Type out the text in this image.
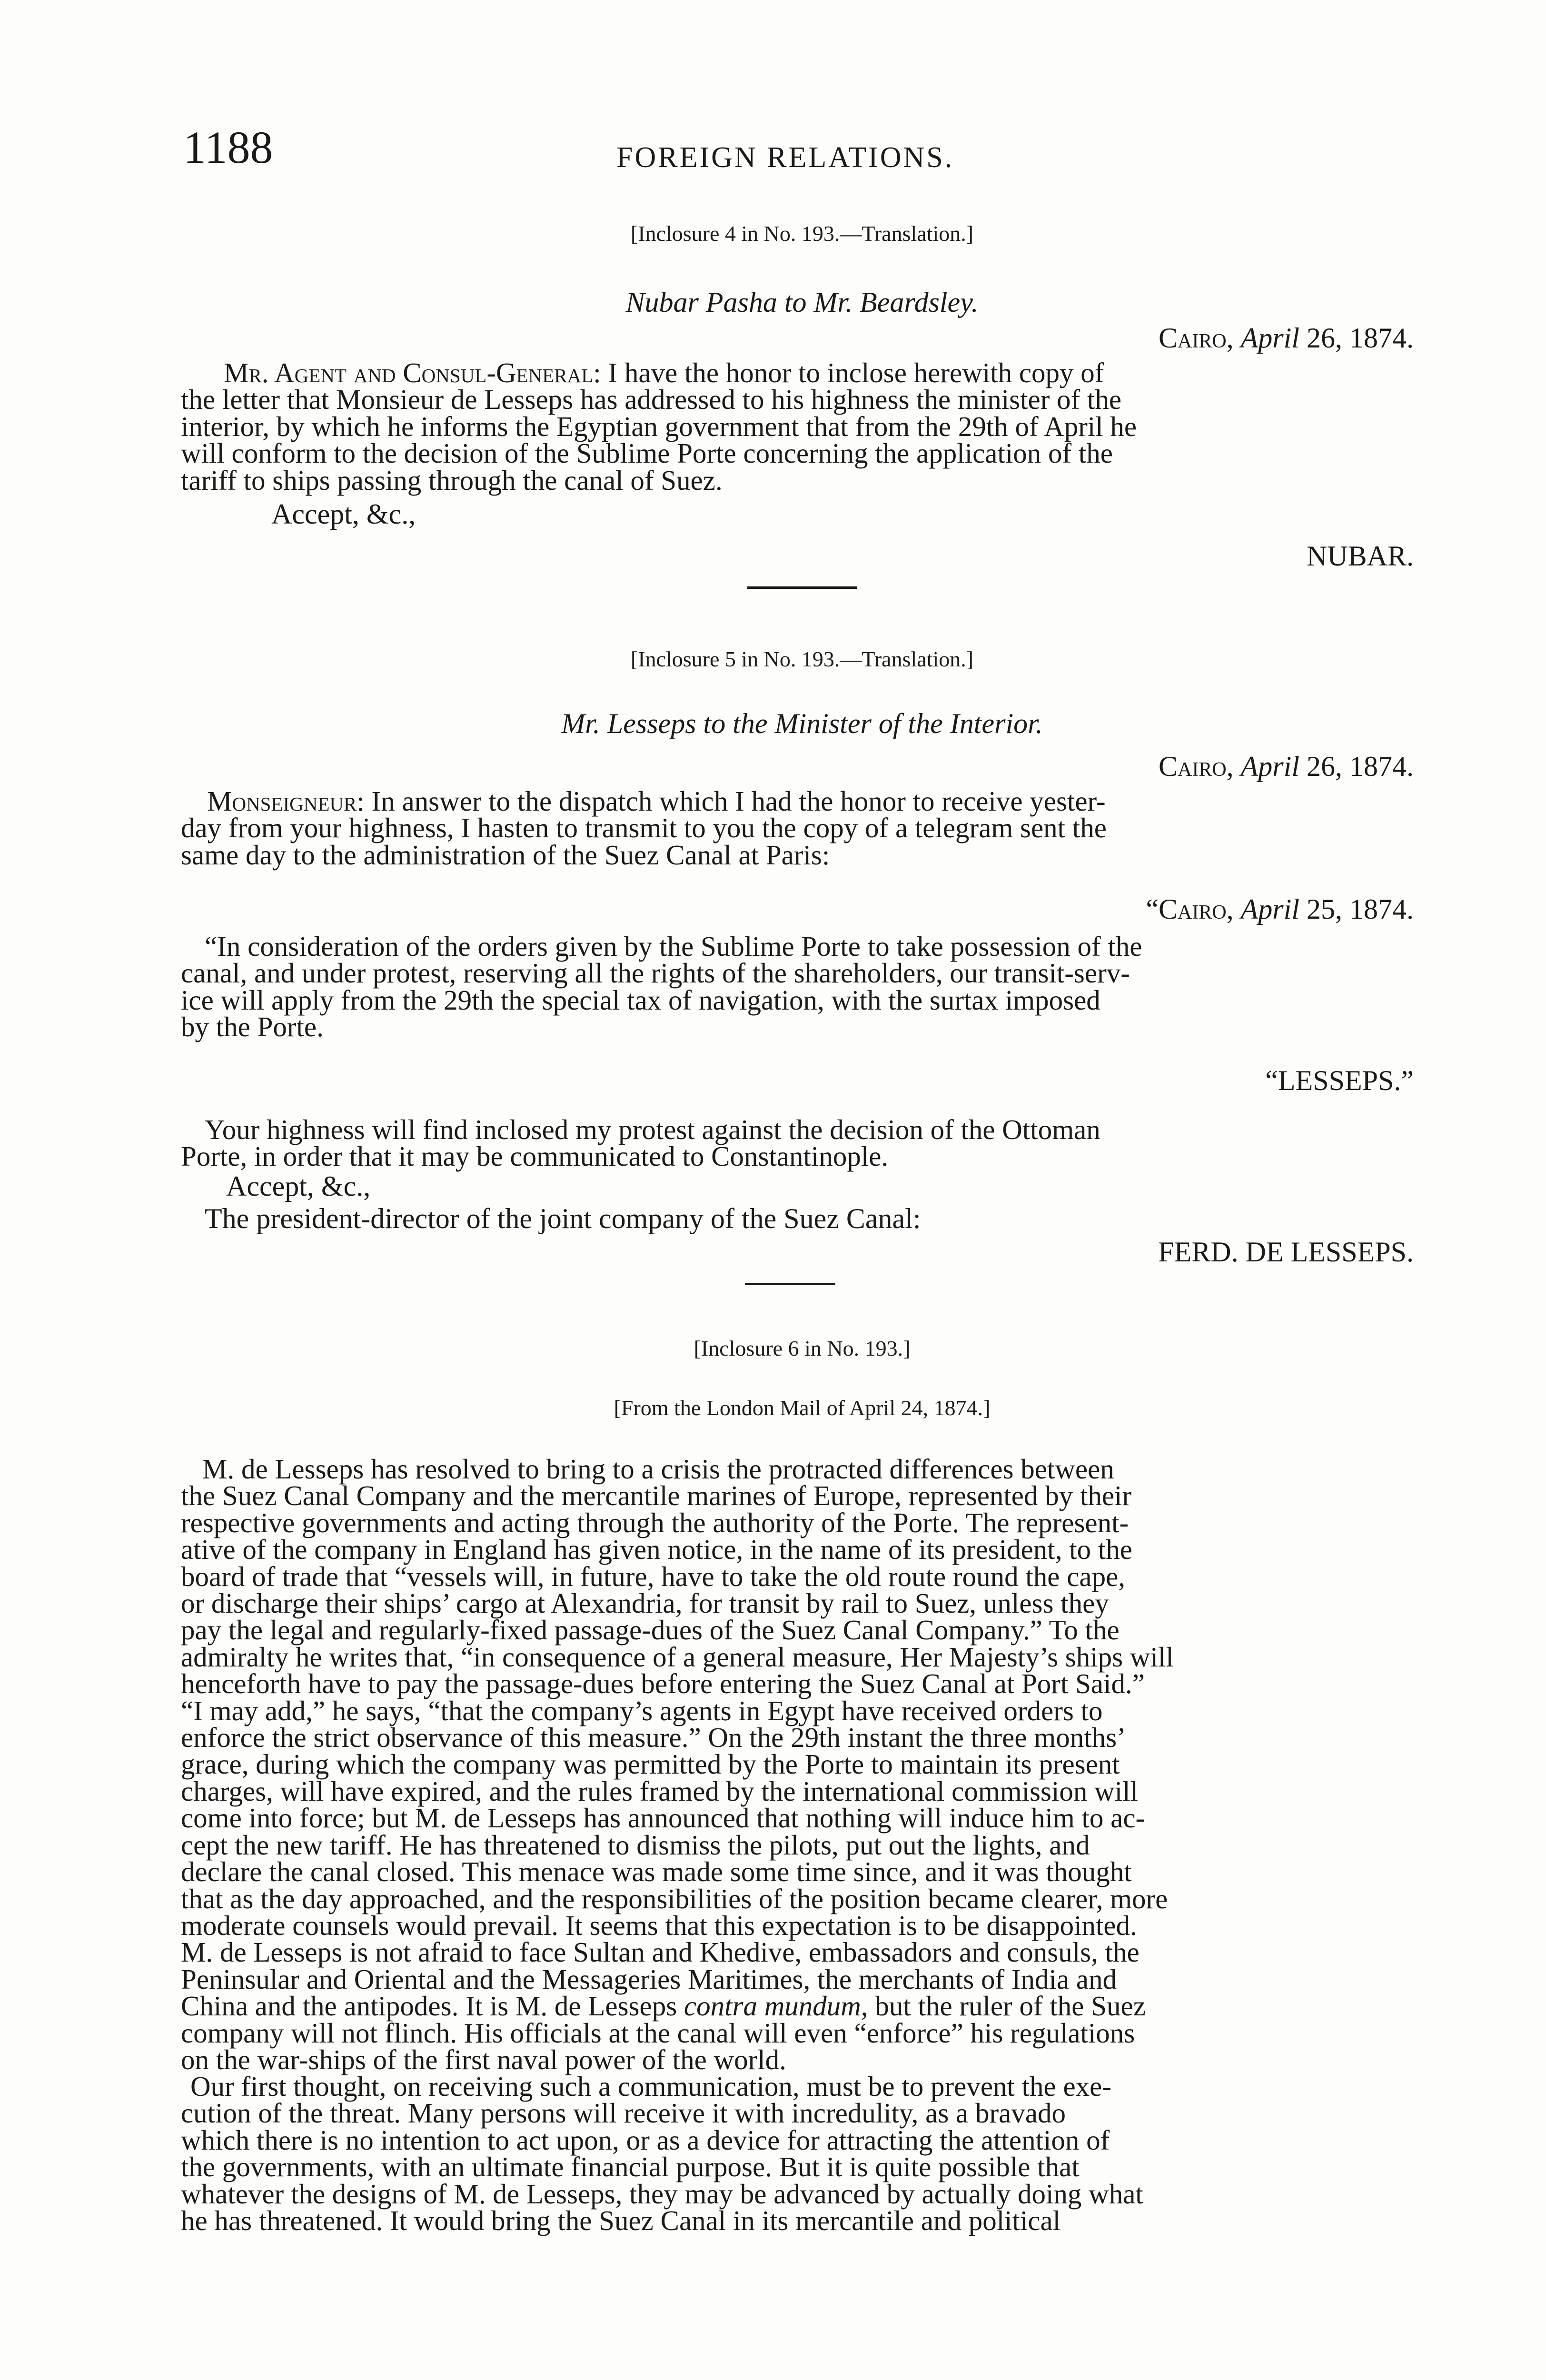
1188	FOREIGN RELATIONS.
[Inclosure 4 in No. 193.—Translation.]
Nubar Pasha to Mr. Beardsley.
Cairo, April 26, 1874.
Mr. Agent and Consul-General: I have the honor to inclose herewith copy of
the letter that Monsieur de Lesseps has addressed to his highness the minister of the
interior, by which he informs the Egyptian government that from the 29th of April he
will conform to the decision of the Sublime Porte concerning the application of the
tariff to ships passing through the canal of Suez.
Accept, &c.,
NUBAR.
[Inclosure 5 in No. 193.—Translation.]
Mr. Lesseps to the Minister of the Interior.
Cairo, April 26, 1874.
Monseigneur: In answer to the dispatch which I had the honor to receive yester-
day from your highness, I hasten to transmit to you the copy of a telegram sent the
same day to the administration of the Suez Canal at Paris:
“Cairo, April 25, 1874.
“In consideration of the orders given by the Sublime Porte to take possession of the
canal, and under protest, reserving all the rights of the shareholders, our transit-serv-
ice will apply from the 29th the special tax of navigation, with the surtax imposed
by the Porte.
“LESSEPS.”
Your highness will find inclosed my protest against the decision of the Ottoman
Porte, in order that it may be communicated to Constantinople.
Accept, &c.,
The president-director of the joint company of the Suez Canal:
FERD. DE LESSEPS.
[Inclosure 6 in No. 193.]
[From the London Mail of April 24, 1874.]
M. de Lesseps has resolved to bring to a crisis the protracted differences between
the Suez Canal Company and the mercantile marines of Europe, represented by their
respective governments and acting through the authority of the Porte. The represent-
ative of the company in England has given notice, in the name of its president, to the
board of trade that “vessels will, in future, have to take the old route round the cape,
or discharge their ships’ cargo at Alexandria, for transit by rail to Suez, unless they
pay the legal and regularly-fixed passage-dues of the Suez Canal Company.” To the
admiralty he writes that, “in consequence of a general measure, Her Majesty’s ships will
henceforth have to pay the passage-dues before entering the Suez Canal at Port Said.”
“I may add,” he says, “that the company’s agents in Egypt have received orders to
enforce the strict observance of this measure.” On the 29th instant the three months’
grace, during which the company was permitted by the Porte to maintain its present
charges, will have expired, and the rules framed by the international commission will
come into force; but M. de Lesseps has announced that nothing will induce him to ac-
cept the new tariff. He has threatened to dismiss the pilots, put out the lights, and
declare the canal closed. This menace was made some time since, and it was thought
that as the day approached, and the responsibilities of the position became clearer, more
moderate counsels would prevail. It seems that this expectation is to be disappointed.
M. de Lesseps is not afraid to face Sultan and Khedive, embassadors and consuls, the
Peninsular and Oriental and the Messageries Maritimes, the merchants of India and
China and the antipodes. It is M. de Lesseps contra mundum, but the ruler of the Suez
company will not flinch. His officials at the canal will even “enforce” his regulations
on the war-ships of the first naval power of the world.
Our first thought, on receiving such a communication, must be to prevent the exe-
cution of the threat. Many persons will receive it with incredulity, as a bravado
which there is no intention to act upon, or as a device for attracting the attention of
the governments, with an ultimate financial purpose. But it is quite possible that
whatever the designs of M. de Lesseps, they may be advanced by actually doing what
he has threatened. It would bring the Suez Canal in its mercantile and political
